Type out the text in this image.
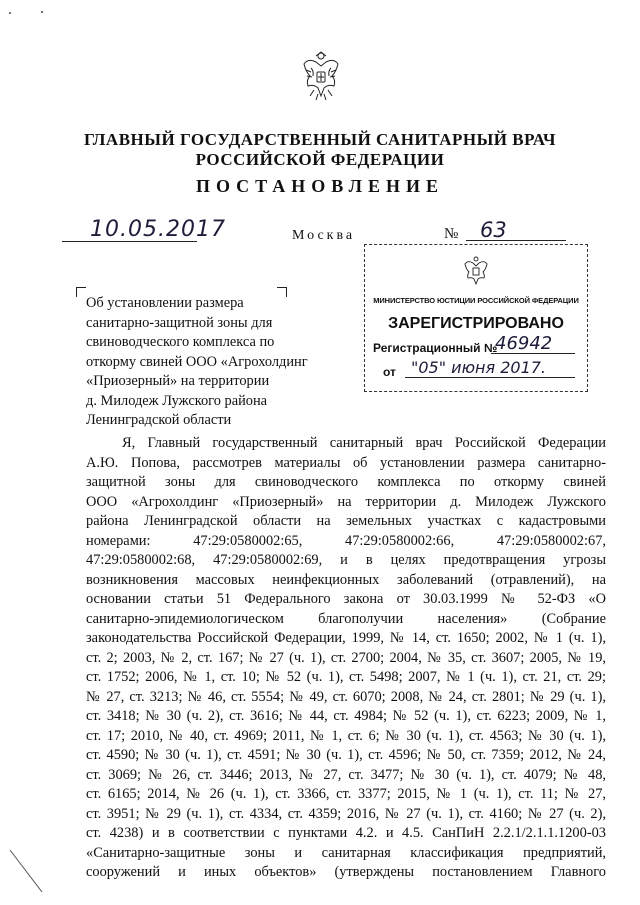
ГЛАВНЫЙ ГОСУДАРСТВЕННЫЙ САНИТАРНЫЙ ВРАЧ
РОССИЙСКОЙ ФЕДЕРАЦИИ
ПОСТАНОВЛЕНИЕ
10.05.2017	Москва	№	63
МИНИСТЕРСТВО ЮСТИЦИИ РОССИЙСКОЙ ФЕДЕРАЦИИ
ЗАРЕГИСТРИРОВАНО
Регистрационный №
46942
от "05" июня 2017.
Об установлении размера
санитарно-защитной зоны для
свиноводческого комплекса по
откорму свиней ООО «Агрохолдинг
«Приозерный» на территории
д. Милодеж Лужского района
Ленинградской области
Я, Главный государственный санитарный врач Российской Федерации
А.Ю. Попова, рассмотрев материалы об установлении размера санитарно-
защитной зоны для свиноводческого комплекса по откорму свиней
ООО «Агрохолдинг «Приозерный» на территории д. Милодеж Лужского
района Ленинградской области на земельных участках с кадастровыми
номерами: 47:29:0580002:65, 47:29:0580002:66, 47:29:0580002:67,
47:29:0580002:68, 47:29:0580002:69, и в целях предотвращения угрозы
возникновения массовых неинфекционных заболеваний (отравлений), на
основании статьи 51 Федерального закона от 30.03.1999 № 52-ФЗ «О
санитарно-эпидемиологическом благополучии населения» (Собрание
законодательства Российской Федерации, 1999, № 14, ст. 1650; 2002, № 1 (ч. 1),
ст. 2; 2003, № 2, ст. 167; № 27 (ч. 1), ст. 2700; 2004, № 35, ст. 3607; 2005, № 19,
ст. 1752; 2006, № 1, ст. 10; № 52 (ч. 1), ст. 5498; 2007, № 1 (ч. 1), ст. 21, ст. 29;
№ 27, ст. 3213; № 46, ст. 5554; № 49, ст. 6070; 2008, № 24, ст. 2801; № 29 (ч. 1),
ст. 3418; № 30 (ч. 2), ст. 3616; № 44, ст. 4984; № 52 (ч. 1), ст. 6223; 2009, № 1,
ст. 17; 2010, № 40, ст. 4969; 2011, № 1, ст. 6; № 30 (ч. 1), ст. 4563; № 30 (ч. 1),
ст. 4590; № 30 (ч. 1), ст. 4591; № 30 (ч. 1), ст. 4596; № 50, ст. 7359; 2012, № 24,
ст. 3069; № 26, ст. 3446; 2013, № 27, ст. 3477; № 30 (ч. 1), ст. 4079; № 48,
ст. 6165; 2014, № 26 (ч. 1), ст. 3366, ст. 3377; 2015, № 1 (ч. 1), ст. 11; № 27,
ст. 3951; № 29 (ч. 1), ст. 4334, ст. 4359; 2016, № 27 (ч. 1), ст. 4160; № 27 (ч. 2),
ст. 4238) и в соответствии с пунктами 4.2. и 4.5. СанПиН 2.2.1/2.1.1.1200-03
«Санитарно-защитные зоны и санитарная классификация предприятий,
сооружений и иных объектов» (утверждены постановлением Главного
